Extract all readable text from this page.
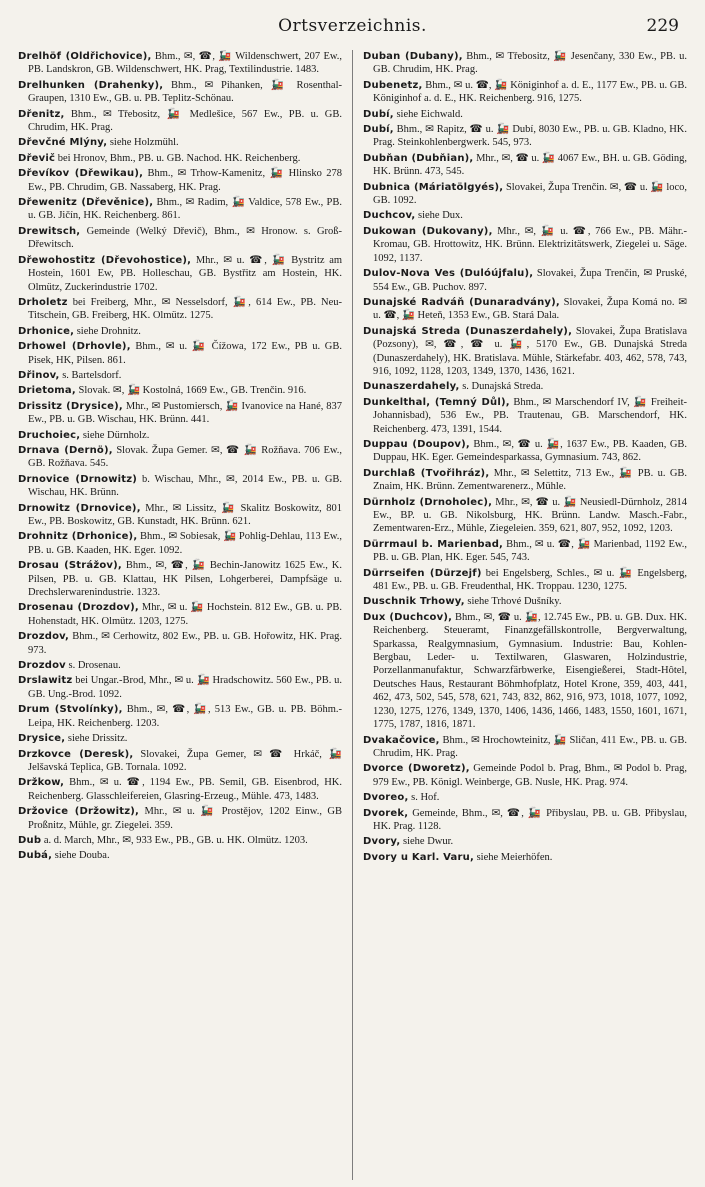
Ortsverzeichnis.	229

Drelhöf (Oldřichovice), Bhm., ✉, ☎, 🚂 Wildenschwert, 207 Ew., PB. Landskron, GB. Wildenschwert, HK. Prag, Textilindustrie. 1483.

Drelhunken (Drahenky), Bhm., ✉ Pihanken, 🚂 Rosenthal-Graupen, 1310 Ew., GB. u. PB. Teplitz-Schönau.

Dřenitz, Bhm., ✉ Třebositz, 🚂 Medlešice, 567 Ew., PB. u. GB. Chrudim, HK. Prag.

Dřevčné Mlýny, siehe Holzmühl.

Dřevič bei Hronov, Bhm., PB. u. GB. Nachod. HK. Reichenberg.

Dřevíkov (Dřewikau), Bhm., ✉ Trhow-Kamenitz, 🚂 Hlinsko 278 Ew., PB. Chrudim, GB. Nassaberg, HK. Prag.

Dřewenitz (Dřevěnice), Bhm., ✉ Radim, 🚂 Valdice, 578 Ew., PB. u. GB. Jičín, HK. Reichenberg. 861.

Drewitsch, Gemeinde (Welký Dřevič), Bhm., ✉ Hronow. s. Groß-Dřewitsch.

Dřewohostitz (Dřevohostice), Mhr., ✉ u. ☎, 🚂 Bystritz am Hostein, 1601 Ew, PB. Holleschau, GB. Bystřitz am Hostein, HK. Olmütz, Zuckerindustrie 1702.

Drholetz bei Freiberg, Mhr., ✉ Nesselsdorf, 🚂, 614 Ew., PB. Neu-Titschein, GB. Freiberg, HK. Olmütz. 1275.

Drhonice, siehe Drohnitz.

Drhowel (Drhovle), Bhm., ✉ u. 🚂 Čížowa, 172 Ew., PB u. GB. Pisek, HK, Pilsen. 861.

Dřinov, s. Bartelsdorf.

Drietoma, Slovak. ✉, 🚂 Kostolná, 1669 Ew., GB. Trenčin. 916.

Drissitz (Drysice), Mhr., ✉ Pustomiersch, 🚂 Ivanovice na Hané, 837 Ew., PB. u. GB. Wischau, HK. Brünn. 441.

Druchoiec, siehe Dürnholz.

Drnava (Dernö), Slovak. Župa Gemer. ✉, ☎ 🚂 Rožňava. 706 Ew., GB. Rožňava. 545.

Drnovice (Drnowitz) b. Wischau, Mhr., ✉, 2014 Ew., PB. u. GB. Wischau, HK. Brünn.

Drnowitz (Drnovice), Mhr., ✉ Lissitz, 🚂 Skalitz Boskowitz, 801 Ew., PB. Boskowitz, GB. Kunstadt, HK. Brünn. 621.

Drohnitz (Drhonice), Bhm., ✉ Sobiesak, 🚂 Pohlig-Dehlau, 113 Ew., PB. u. GB. Kaaden, HK. Eger. 1092.

Drosau (Strážov), Bhm., ✉, ☎, 🚂 Bechin-Janowitz 1625 Ew., K. Pilsen, PB. u. GB. Klattau, HK Pilsen, Lohgerberei, Dampfsäge u. Drechslerwarenindustrie. 1323.

Drosenau (Drozdov), Mhr., ✉ u. 🚂 Hochstein. 812 Ew., GB. u. PB. Hohenstadt, HK. Olmütz. 1203, 1275.

Drozdov, Bhm., ✉ Cerhowitz, 802 Ew., PB. u. GB. Hořowitz, HK. Prag. 973.

Drozdov s. Drosenau.

Drslawitz bei Ungar.-Brod, Mhr., ✉ u. 🚂 Hradschowitz. 560 Ew., PB. u. GB. Ung.-Brod. 1092.

Drum (Stvolínky), Bhm., ✉, ☎, 🚂, 513 Ew., GB. u. PB. Böhm.-Leipa, HK. Reichenberg. 1203.

Drysice, siehe Drissitz.

Drzkovce (Deresk), Slovakei, Župa Gemer, ✉ ☎ Hrkáč, 🚂 Jelšavská Teplica, GB. Tornala. 1092.

Držkow, Bhm., ✉ u. ☎, 1194 Ew., PB. Semil, GB. Eisenbrod, HK. Reichenberg. Glasschleifereien, Glasring-Erzeug., Mühle. 473, 1483.

Držovice (Držowitz), Mhr., ✉ u. 🚂 Prostějov, 1202 Einw., GB Proßnitz, Mühle, gr. Ziegelei. 359.

Dub a. d. March, Mhr., ✉, 933 Ew., PB., GB. u. HK. Olmütz. 1203.

Dubá, siehe Douba.

Duban (Dubany), Bhm., ✉ Třebositz, 🚂 Jesenčany, 330 Ew., PB. u. GB. Chrudim, HK. Prag.

Dubenetz, Bhm., ✉ u. ☎, 🚂 Königinhof a. d. E., 1177 Ew., PB. u. GB. Königinhof a. d. E., HK. Reichenberg. 916, 1275.

Dubí, siehe Eichwald.

Dubí, Bhm., ✉ Rapitz, ☎ u. 🚂 Dubí, 8030 Ew., PB. u. GB. Kladno, HK. Prag. Steinkohlenbergwerk. 545, 973.

Dubňan (Dubňian), Mhr., ✉, ☎ u. 🚂 4067 Ew., BH. u. GB. Göding, HK. Brünn. 473, 545.

Dubnica (Máriatölgyés), Slovakei, Župa Trenčin. ✉, ☎ u. 🚂 loco, GB. 1092.

Duchcov, siehe Dux.

Dukowan (Dukovany), Mhr., ✉, 🚂 u. ☎, 766 Ew., PB. Mähr.-Kromau, GB. Hrottowitz, HK. Brünn. Elektrizitätswerk, Ziegelei u. Säge. 1092, 1137.

Dulov-Nova Ves (Dulóújfalu), Slovakei, Župa Trenčin, ✉ Pruské, 554 Ew., GB. Puchov. 897.

Dunajské Radváň (Dunaradvány), Slovakei, Župa Komá no. ✉ u. ☎, 🚂 Heteň, 1353 Ew., GB. Stará Dala.

Dunajská Streda (Dunaszerdahely), Slovakei, Župa Bratislava (Pozsony), ✉, ☎, ☎ u. 🚂, 5170 Ew., GB. Dunajská Streda (Dunaszerdahely), HK. Bratislava. Mühle, Stärkefabr. 403, 462, 578, 743, 916, 1092, 1128, 1203, 1349, 1370, 1436, 1621.

Dunaszerdahely, s. Dunajská Streda.

Dunkelthal, (Temný Důl), Bhm., ✉ Marschendorf IV, 🚂 Freiheit-Johannisbad), 536 Ew., PB. Trautenau, GB. Marschendorf, HK. Reichenberg. 473, 1391, 1544.

Duppau (Doupov), Bhm., ✉, ☎ u. 🚂, 1637 Ew., PB. Kaaden, GB. Duppau, HK. Eger. Gemeindesparkassa, Gymnasium. 743, 862.

Durchlaß (Tvořihráz), Mhr., ✉ Selettitz, 713 Ew., 🚂 PB. u. GB. Znaim, HK. Brünn. Zementwarenerz., Mühle.

Dürnholz (Drnoholec), Mhr., ✉, ☎ u. 🚂 Neusiedl-Dürnholz, 2814 Ew., BP. u. GB. Nikolsburg, HK. Brünn. Landw. Masch.-Fabr., Zementwaren-Erz., Mühle, Ziegeleien. 359, 621, 807, 952, 1092, 1203.

Dürrmaul b. Marienbad, Bhm., ✉ u. ☎, 🚂 Marienbad, 1192 Ew., PB. u. GB. Plan, HK. Eger. 545, 743.

Dürrseifen (Dürzejf) bei Engelsberg, Schles., ✉ u. 🚂 Engelsberg, 481 Ew., PB. u. GB. Freudenthal, HK. Troppau. 1230, 1275.

Duschnik Trhowy, siehe Trhové Dušníky.

Dux (Duchcov), Bhm., ✉, ☎ u. 🚂, 12.745 Ew., PB. u. GB. Dux. HK. Reichenberg. Steueramt, Finanzgefällskontrolle, Bergverwaltung, Sparkassa, Realgymnasium, Gymnasium. Industrie: Bau, Kohlen-Bergbau, Leder- u. Textilwaren, Glaswaren, Holzindustrie, Porzellanmanufaktur, Schwarzfärbwerke, Eisengießerei, Stadt-Hôtel, Deutsches Haus, Restaurant Böhmhofplatz, Hotel Krone, 359, 403, 441, 462, 473, 502, 545, 578, 621, 743, 832, 862, 916, 973, 1018, 1077, 1092, 1230, 1275, 1276, 1349, 1370, 1406, 1436, 1466, 1483, 1550, 1601, 1671, 1775, 1787, 1816, 1871.

Dvakačovice, Bhm., ✉ Hrochowteinitz, 🚂 Sličan, 411 Ew., PB. u. GB. Chrudim, HK. Prag.

Dvorce (Dworetz), Gemeinde Podol b. Prag, Bhm., ✉ Podol b. Prag, 979 Ew., PB. Königl. Weinberge, GB. Nusle, HK. Prag. 974.

Dvoreo, s. Hof.

Dvorek, Gemeinde, Bhm., ✉, ☎, 🚂 Přibyslau, PB. u. GB. Přibyslau, HK. Prag. 1128.

Dvory, siehe Dwur.

Dvory u Karl. Varu, siehe Meierhöfen.
